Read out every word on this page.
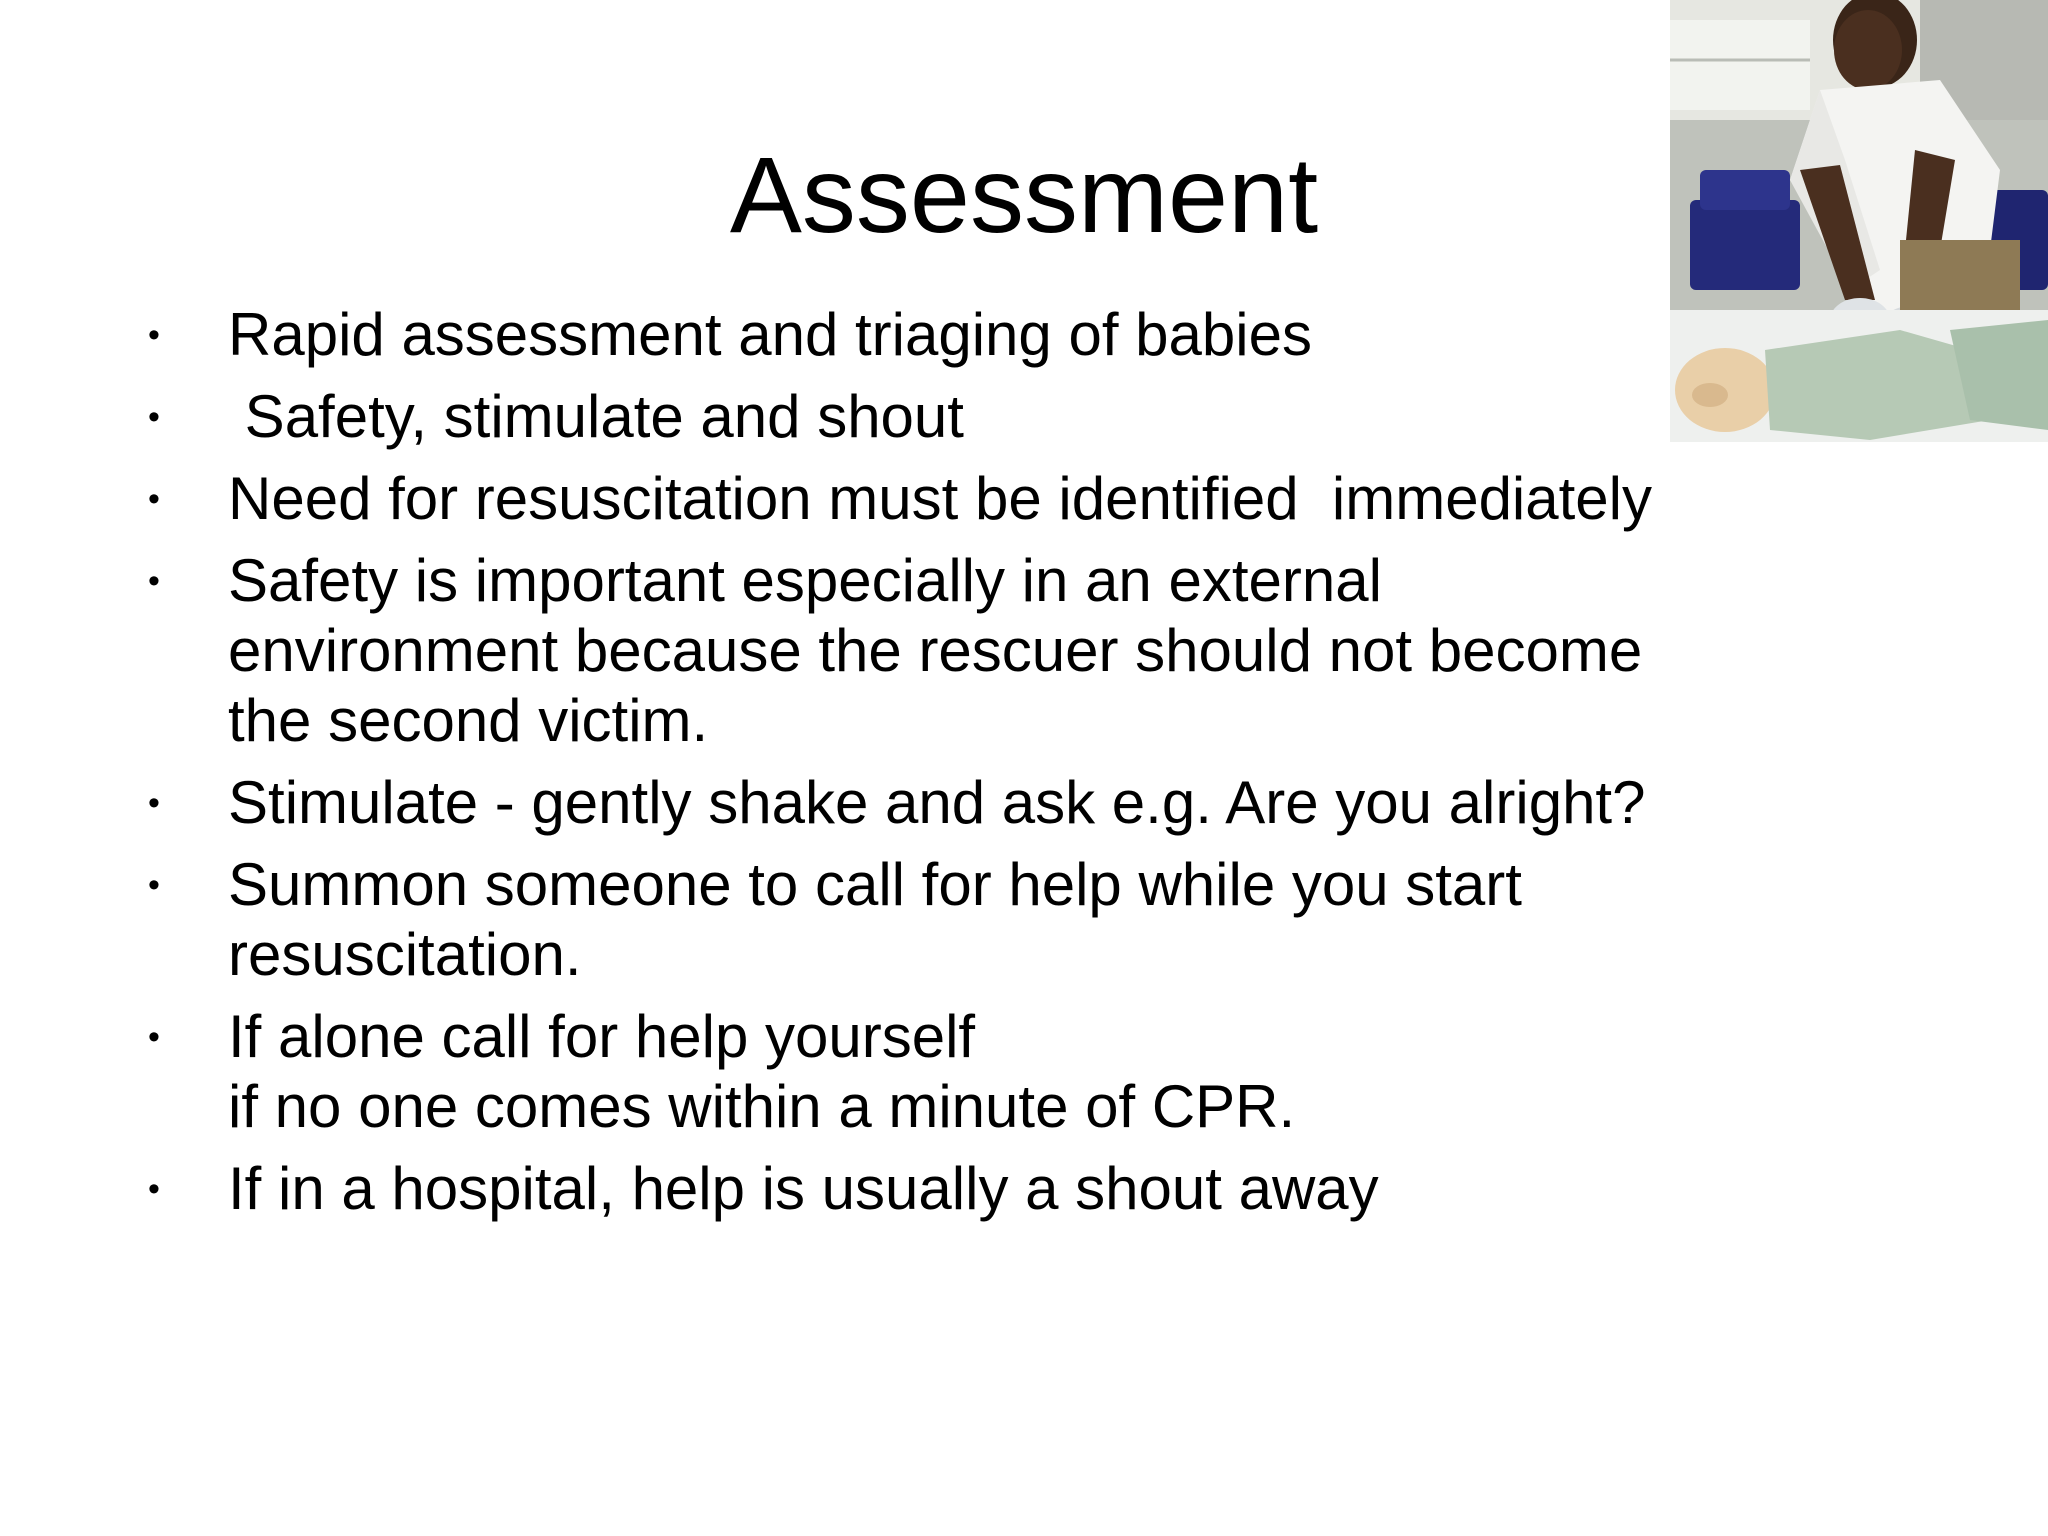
Assessment
• Rapid assessment and triaging of babies
• Safety, stimulate and shout
• Need for resuscitation must be identified  immediately
• Safety is important especially in an external
environment because the rescuer should not become
the second victim.
• Stimulate - gently shake and ask e.g. Are you alright?
• Summon someone to call for help while you start
resuscitation.
• If alone call for help yourself
if no one comes within a minute of CPR.
• If in a hospital, help is usually a shout away
